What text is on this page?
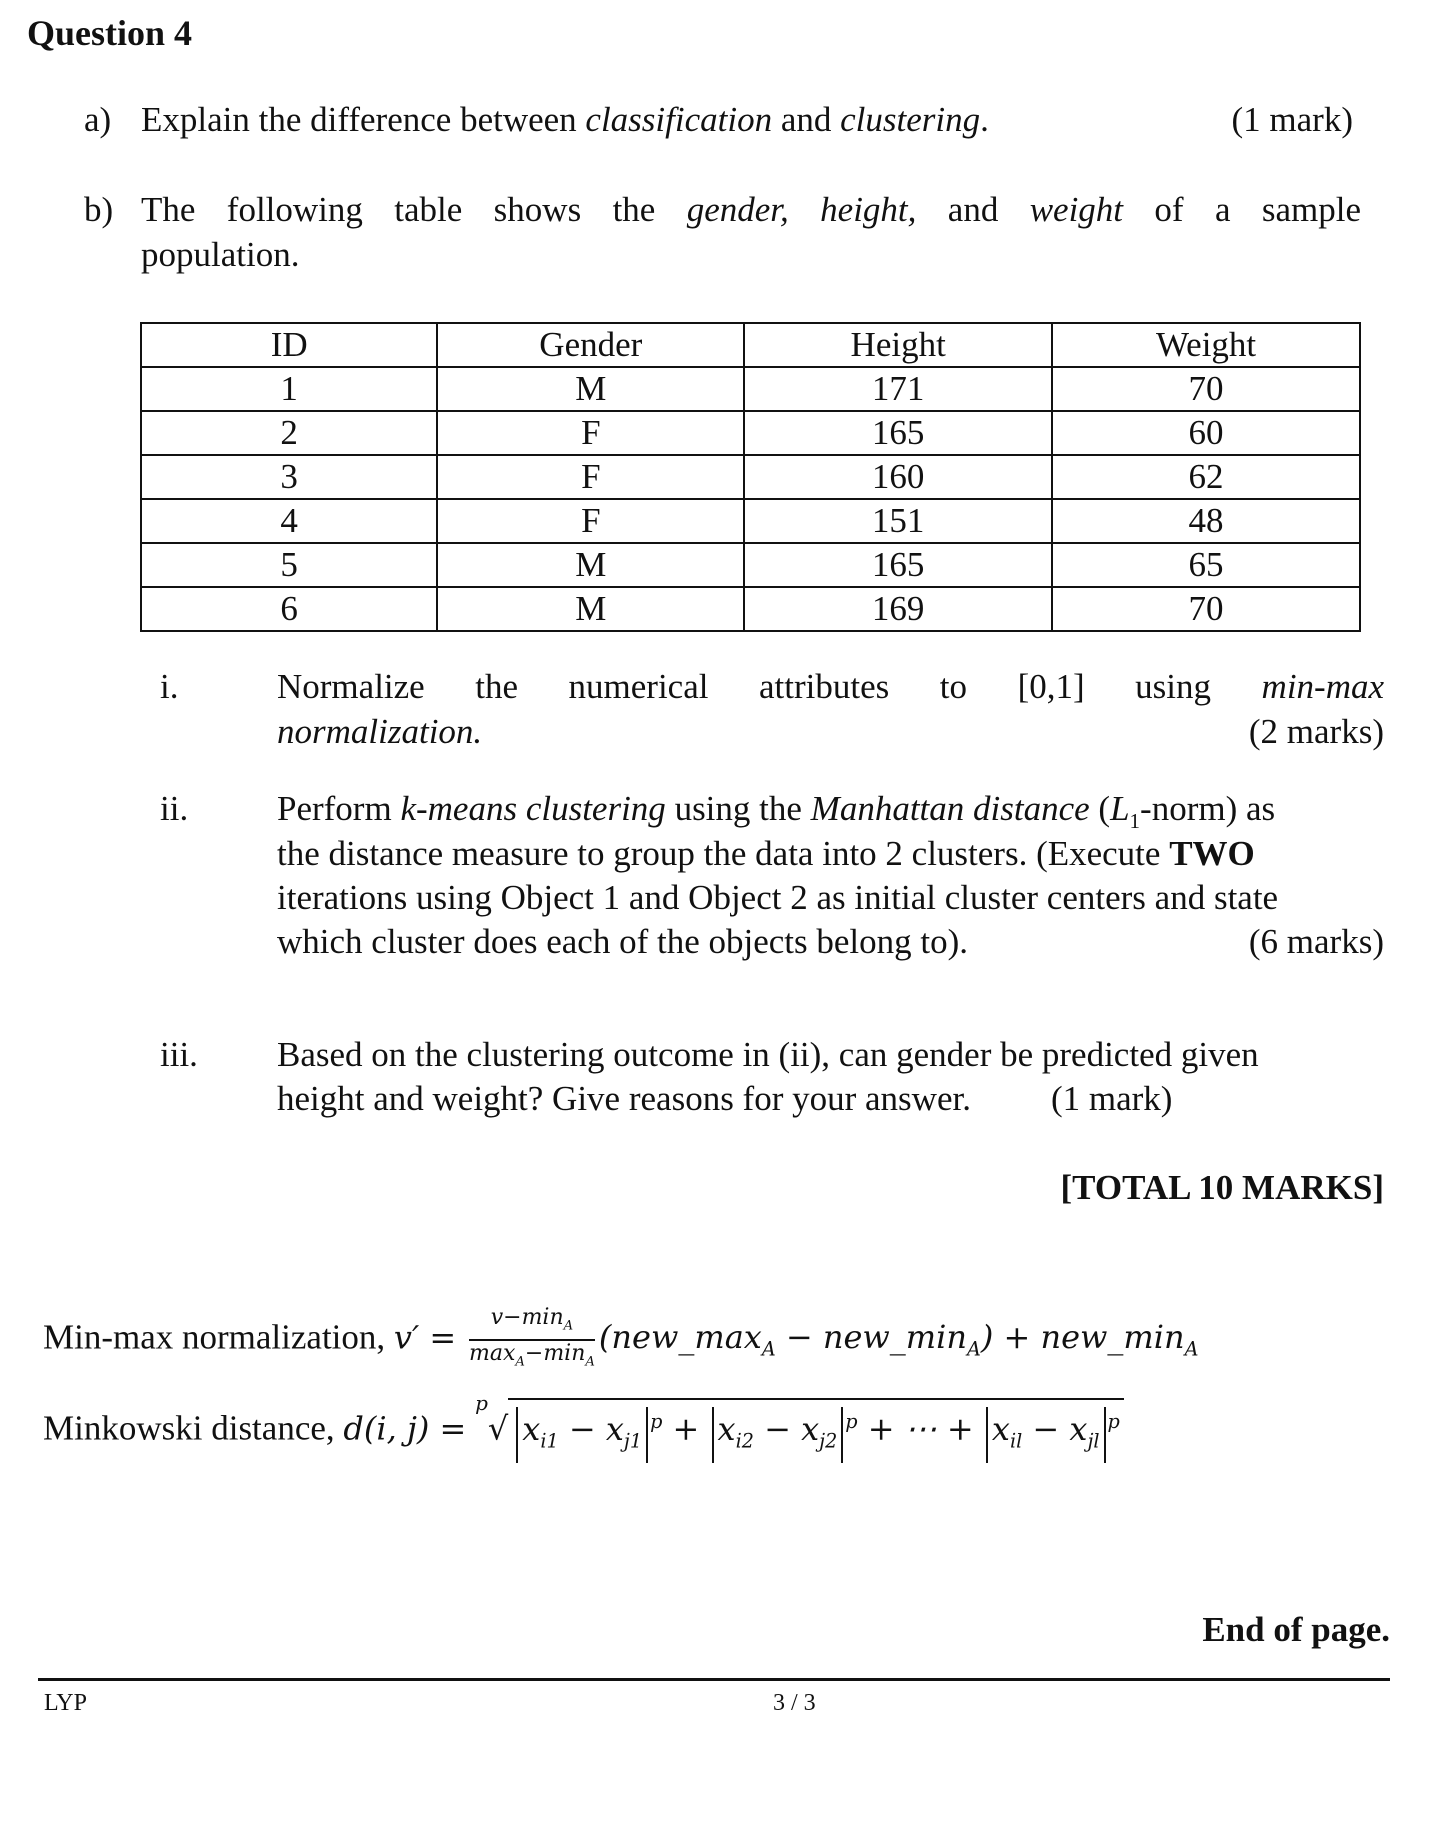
Question 4
a) Explain the difference between classification and clustering.	(1 mark)
b) The following table shows the gender, height, and weight of a sample
population.
ID	Gender	Height	Weight
1	M	171	70
2	F	165	60
3	F	160	62
4	F	151	48
5	M	165	65
6	M	169	70
i.	Normalize the numerical attributes to [0,1] using min-max
normalization.	(2 marks)
ii.	Perform k-means clustering using the Manhattan distance $(L_1-norm)$ as
the distance measure to group the data into 2 clusters. (Execute TWO
iterations using Object 1 and Object 2 as initial cluster centers and state
which cluster does each of the objects belong to).	(6 marks)
iii. Based on the clustering outcome in (ii), can gender be predicted given
height and weight? Give reasons for your answer. (1 mark)
[TOTAL 10 MARKS]
Min-max normalization, $v' = \frac{v-\min_A}{\max_A-\min_A}$ ($new\_\max_A$ − $new\_\min_A$) + $new\_\min_A$
Minkowski distance, d(i, j) = $^p$√ $x_{i1} - x_{j1}^p + x_{i2} - x_{j2}^p$ + ⋯ + $x_{il} - x_{jl}^p$
End of page.
LYP	3 / 3
